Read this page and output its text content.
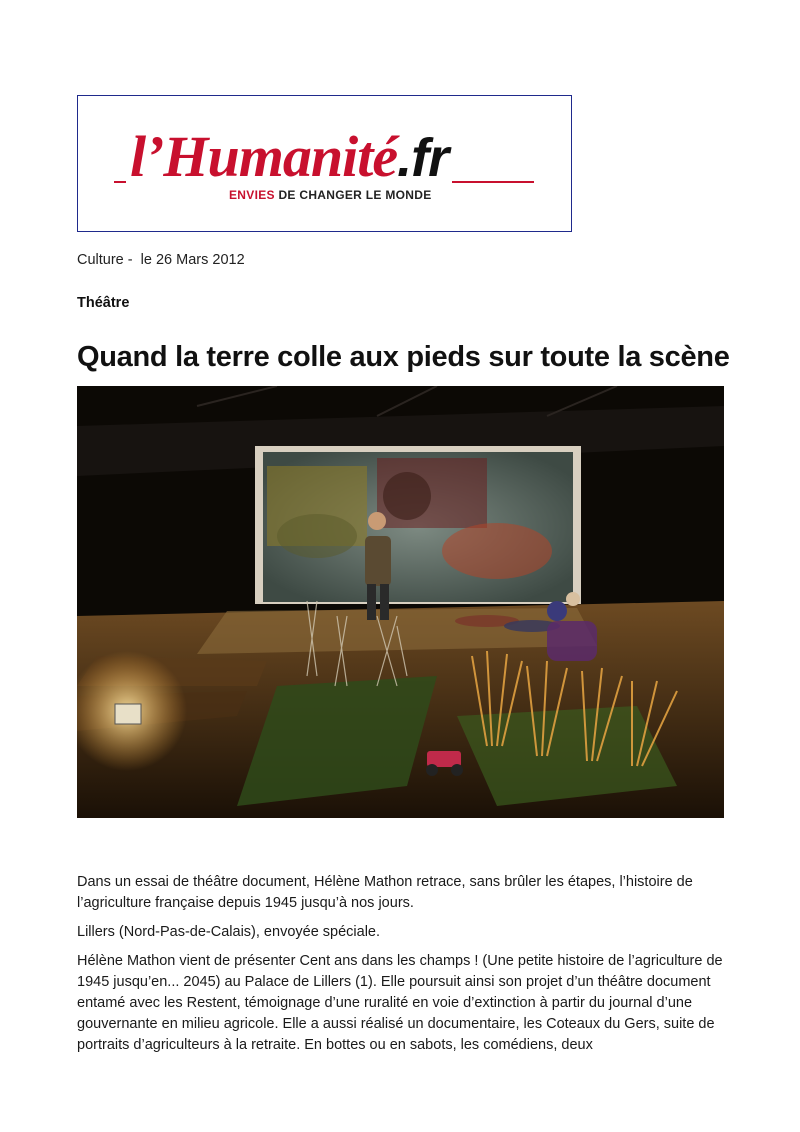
l’Humanité.fr
ENVIES DE CHANGER LE MONDE
Culture -  le 26 Mars 2012
Théâtre
Quand la terre colle aux pieds sur toute la scène

Dans un essai de théâtre document, Hélène Mathon retrace, sans brûler les étapes, l’histoire de l’agriculture française depuis 1945 jusqu’à nos jours.

Lillers (Nord-Pas-de-Calais), envoyée spéciale.

Hélène Mathon vient de présenter Cent ans dans les champs ! (Une petite histoire de l’agriculture de 1945 jusqu’en... 2045) au Palace de Lillers (1). Elle poursuit ainsi son projet d’un théâtre document entamé avec les Restent, témoignage d’une ruralité en voie d’extinction à partir du journal d’une gouvernante en milieu agricole. Elle a aussi réalisé un documentaire, les Coteaux du Gers, suite de portraits d’agriculteurs à la retraite. En bottes ou en sabots, les comédiens, deux
